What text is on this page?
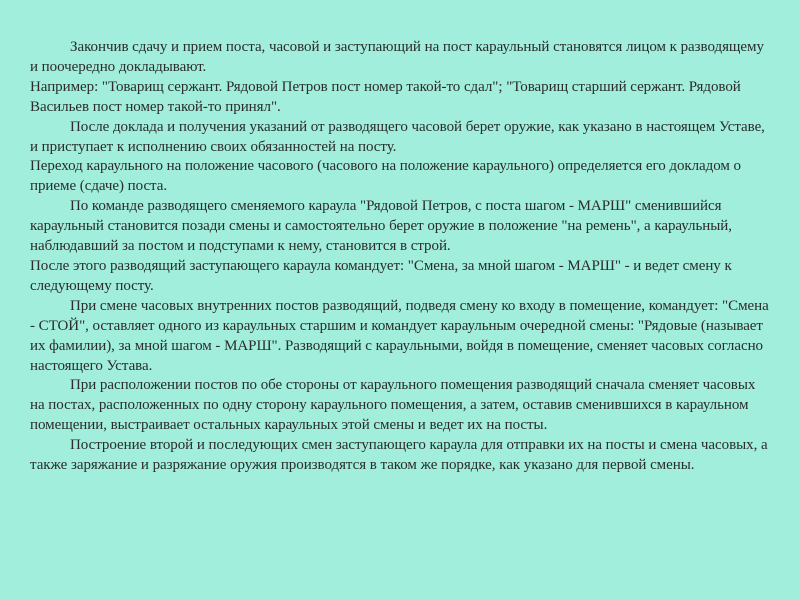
Закончив сдачу и прием поста, часовой и заступающий на пост караульный становятся лицом к разводящему и поочередно докладывают.

Например: "Товарищ сержант. Рядовой Петров пост номер такой-то сдал"; "Товарищ старший сержант. Рядовой Васильев пост номер такой-то принял".

После доклада и получения указаний от разводящего часовой берет оружие, как указано в настоящем Уставе, и приступает к исполнению своих обязанностей на посту.

Переход караульного на положение часового (часового на положение караульного) определяется его докладом о приеме (сдаче) поста.

По команде разводящего сменяемого караула "Рядовой Петров, с поста шагом - МАРШ" сменившийся караульный становится позади смены и самостоятельно берет оружие в положение "на ремень", а караульный, наблюдавший за постом и подступами к нему, становится в строй.

После этого разводящий заступающего караула командует: "Смена, за мной шагом - МАРШ" - и ведет смену к следующему посту.

При смене часовых внутренних постов разводящий, подведя смену ко входу в помещение, командует: "Смена - СТОЙ", оставляет одного из караульных старшим и командует караульным очередной смены: "Рядовые (называет их фамилии), за мной шагом - МАРШ". Разводящий с караульными, войдя в помещение, сменяет часовых согласно настоящего Устава.

При расположении постов по обе стороны от караульного помещения разводящий сначала сменяет часовых на постах, расположенных по одну сторону караульного помещения, а затем, оставив сменившихся в караульном помещении, выстраивает остальных караульных этой смены и ведет их на посты.

Построение второй и последующих смен заступающего караула для отправки их на посты и смена часовых, а также заряжание и разряжание оружия производятся в таком же порядке, как указано для первой смены.
